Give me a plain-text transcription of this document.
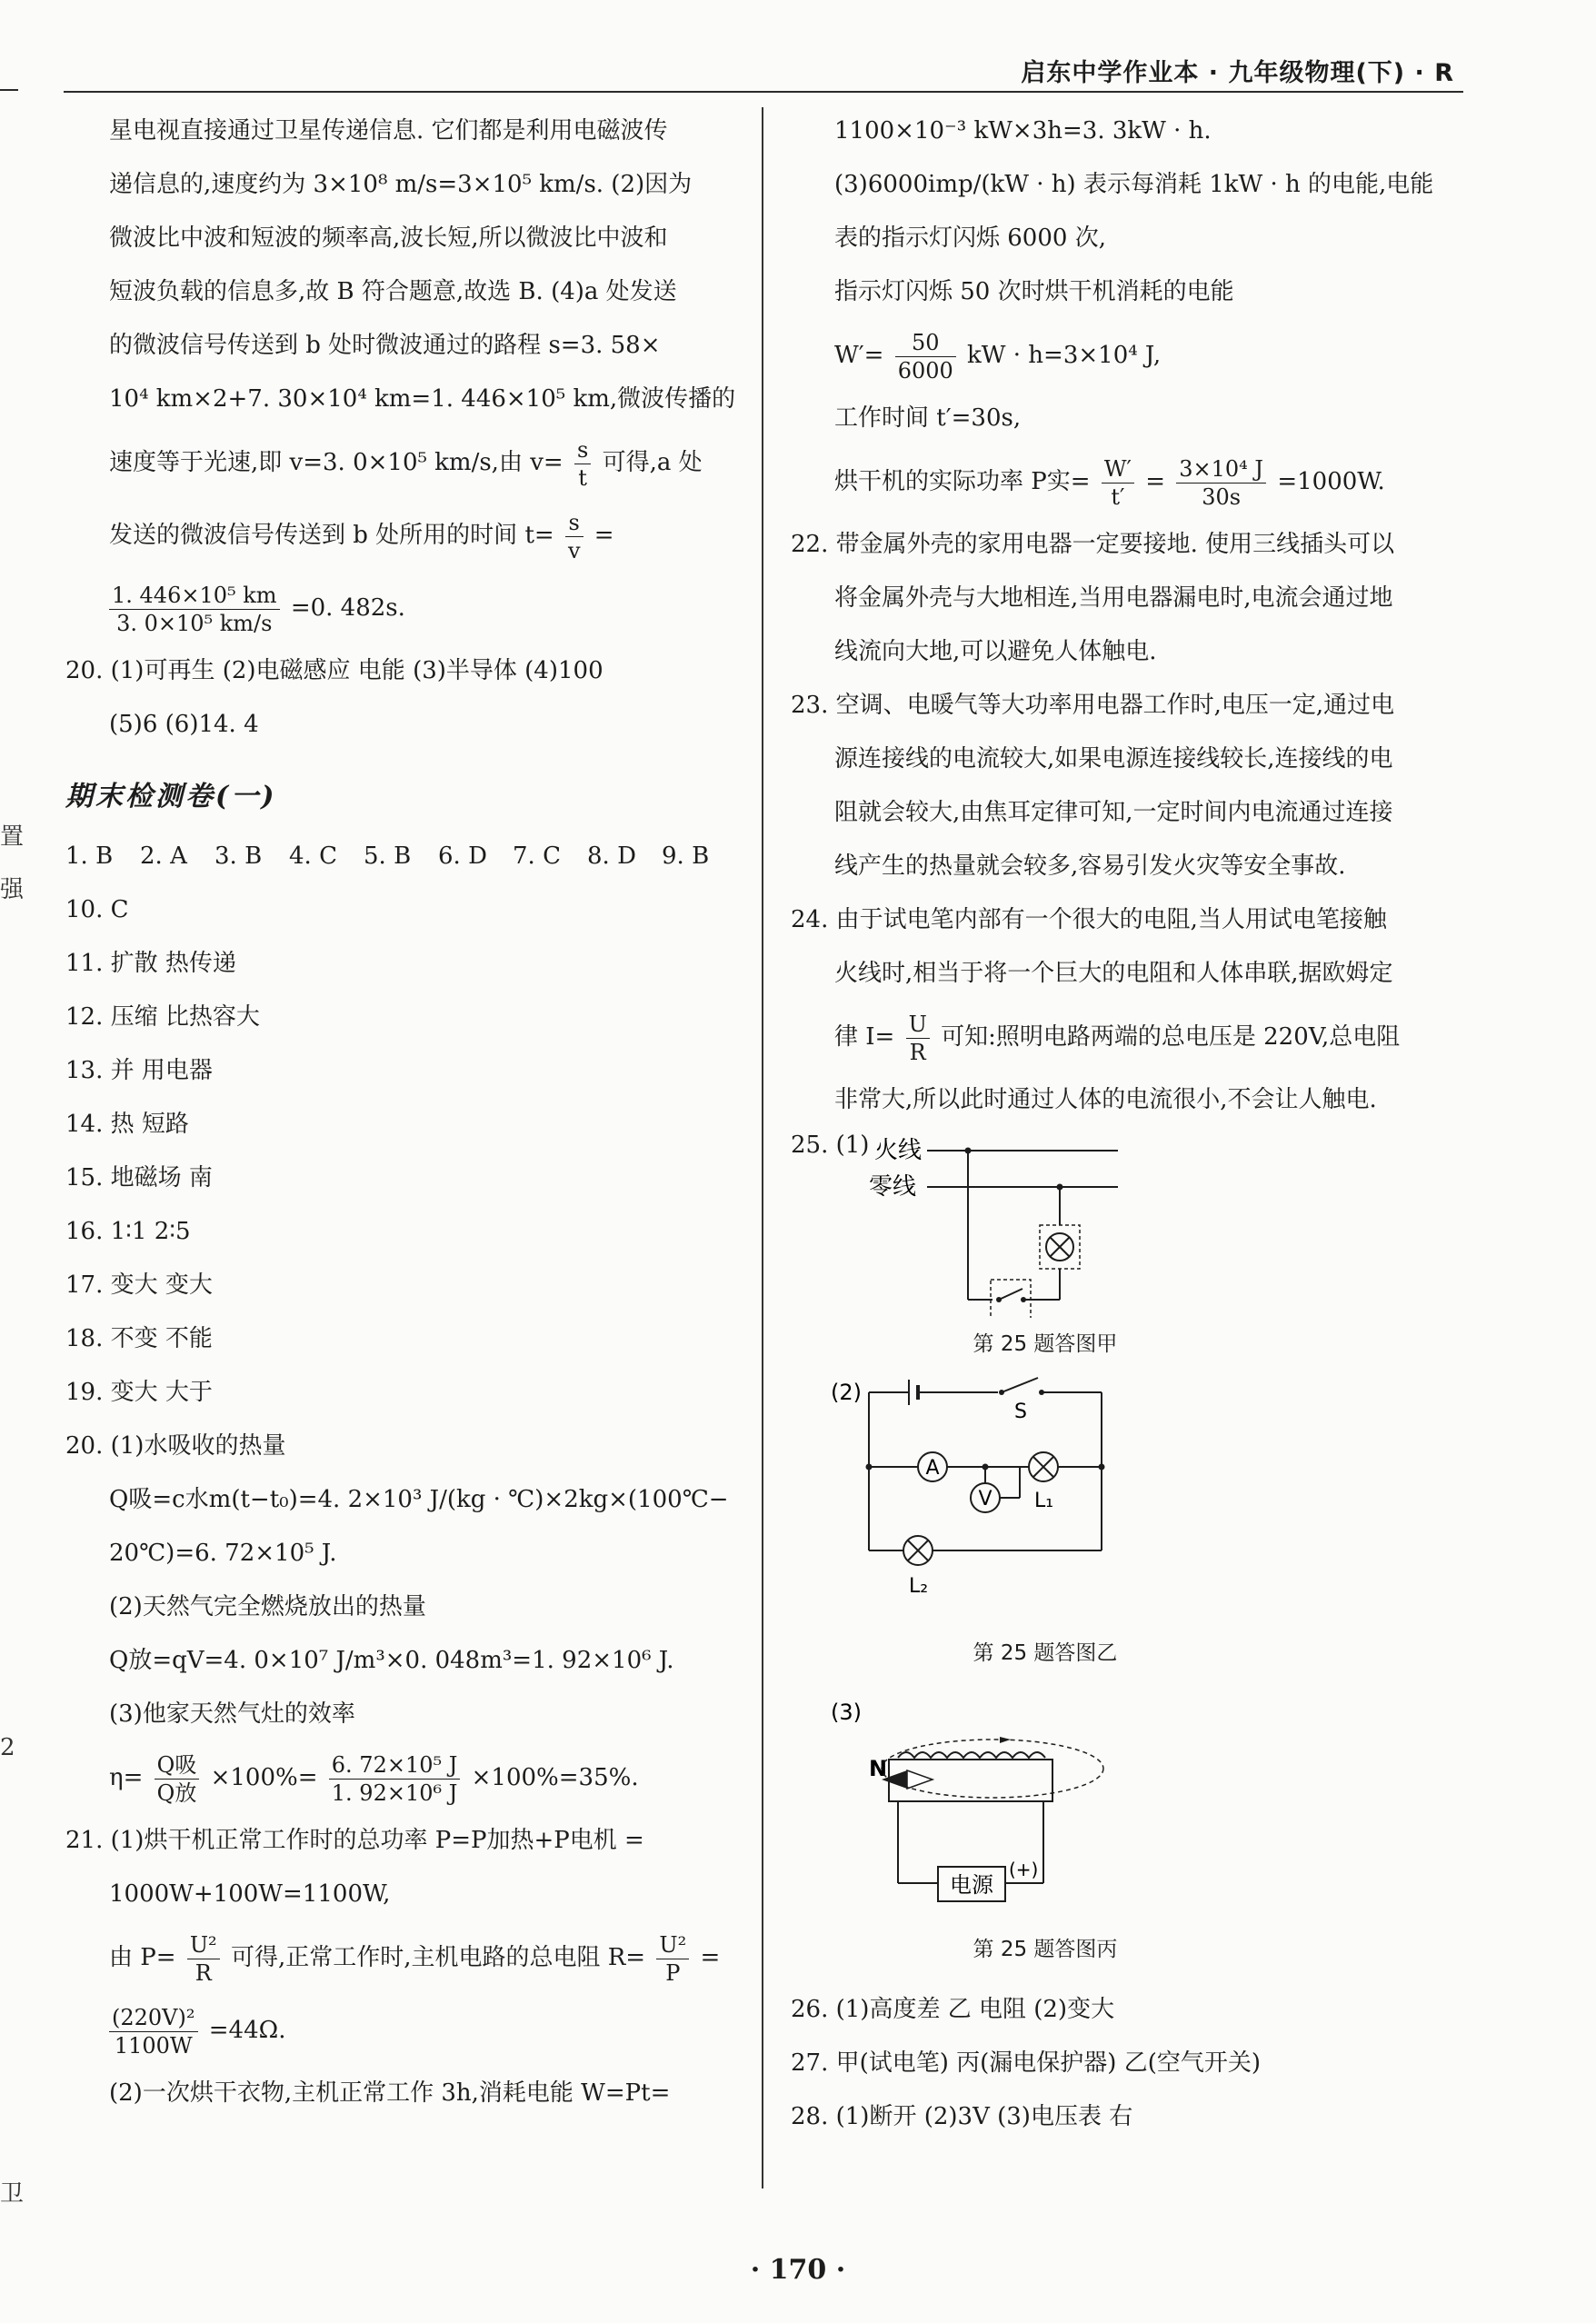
置
强
2
卫
启东中学作业本 · 九年级物理(下) · R
星电视直接通过卫星传递信息. 它们都是利用电磁波传
递信息的,速度约为 3×10⁸ m/s=3×10⁵ km/s. (2)因为
微波比中波和短波的频率高,波长短,所以微波比中波和
短波负载的信息多,故 B 符合题意,故选 B. (4)a 处发送
的微波信号传送到 b 处时微波通过的路程 s=3. 58×
10⁴ km×2+7. 30×10⁴ km=1. 446×10⁵ km,微波传播的
速度等于光速,即 v=3. 0×10⁵ km/s,由 $v= \frac{s}{t}$ 可得,a 处
发送的微波信号传送到 b 处所用的时间 $t= \frac{s}{v}$ =
$\frac{\text{1. 446×10⁵ km}}{\text{3. 0×10⁵ km/s}} =0$. 482s.
20. (1)可再生 (2)电磁感应 电能 (3)半导体 (4)100
(5)6 (6)14. 4
期末检测卷(一)
1. B 2. A 3. B 4. C 5. B 6. D 7. C 8. D 9. B
10. C
11. 扩散 热传递
12. 压缩 比热容大
13. 并 用电器
14. 热 短路
15. 地磁场 南
16. 1∶1 2∶5
17. 变大 变大
18. 不变 不能
19. 变大 大于
20. (1)水吸收的热量
Q吸=c水m(t−t₀)=4. 2×10³ J/(kg · ℃)×2kg×(100℃−
20℃)=6. 72×10⁵ J.
(2)天然气完全燃烧放出的热量
Q放=qV=4. 0×10⁷ J/m³×0. 048m³=1. 92×10⁶ J.
(3)他家天然气灶的效率
$\eta= \frac{\text{Q吸}}{\text{Q放}} \times 100\%= \frac{\text{6. 72×10⁵ J}}{\text{1. 92×10⁶ J}} \times 100\%=35\%$.
21. (1)烘干机正常工作时的总功率 P=P加热+P电机 =
1000W+100W=1100W,
由 $P= \frac{\text{U²}}{R}$ 可得,正常工作时,主机电路的总电阻 $R= \frac{\text{U²}}{P}$ =
$\frac{\text{(220V)²}}{1100W} =44\Omega$.
(2)一次烘干衣物,主机正常工作 3h,消耗电能 W=Pt=
1100×10⁻³ kW×3h=3. 3kW · h.
(3)6000imp/(kW · h) 表示每消耗 1kW · h 的电能,电能
表的指示灯闪烁 6000 次,
指示灯闪烁 50 次时烘干机消耗的电能
$W'= \frac{50}{6000}$ kW · h=3×10⁴ J,
工作时间 t′=30s,
烘干机的实际功率 P实= $\frac{W'}{t'} = \frac{\text{3×10⁴ J}}{30s} =1000W$.
22. 带金属外壳的家用电器一定要接地. 使用三线插头可以
将金属外壳与大地相连,当用电器漏电时,电流会通过地
线流向大地,可以避免人体触电.
23. 空调、电暖气等大功率用电器工作时,电压一定,通过电
源连接线的电流较大,如果电源连接线较长,连接线的电
阻就会较大,由焦耳定律可知,一定时间内电流通过连接
线产生的热量就会较多,容易引发火灾等安全事故.
24. 由于试电笔内部有一个很大的电阻,当人用试电笔接触
火线时,相当于将一个巨大的电阻和人体串联,据欧姆定
律 $I= \frac{U}{R}$ 可知:照明电路两端的总电压是 220V,总电阻
非常大,所以此时通过人体的电流很小,不会让人触电.
25. (1) 火线
零线
第 25 题答图甲
(2)
S
A
L₁
V
L₂
第 25 题答图乙
(3)
N
电源
(+)
第 25 题答图丙
26. (1)高度差 乙 电阻 (2)变大
27. 甲(试电笔) 丙(漏电保护器) 乙(空气开关)
28. (1)断开 (2)3V (3)电压表 右
· 170 ·
